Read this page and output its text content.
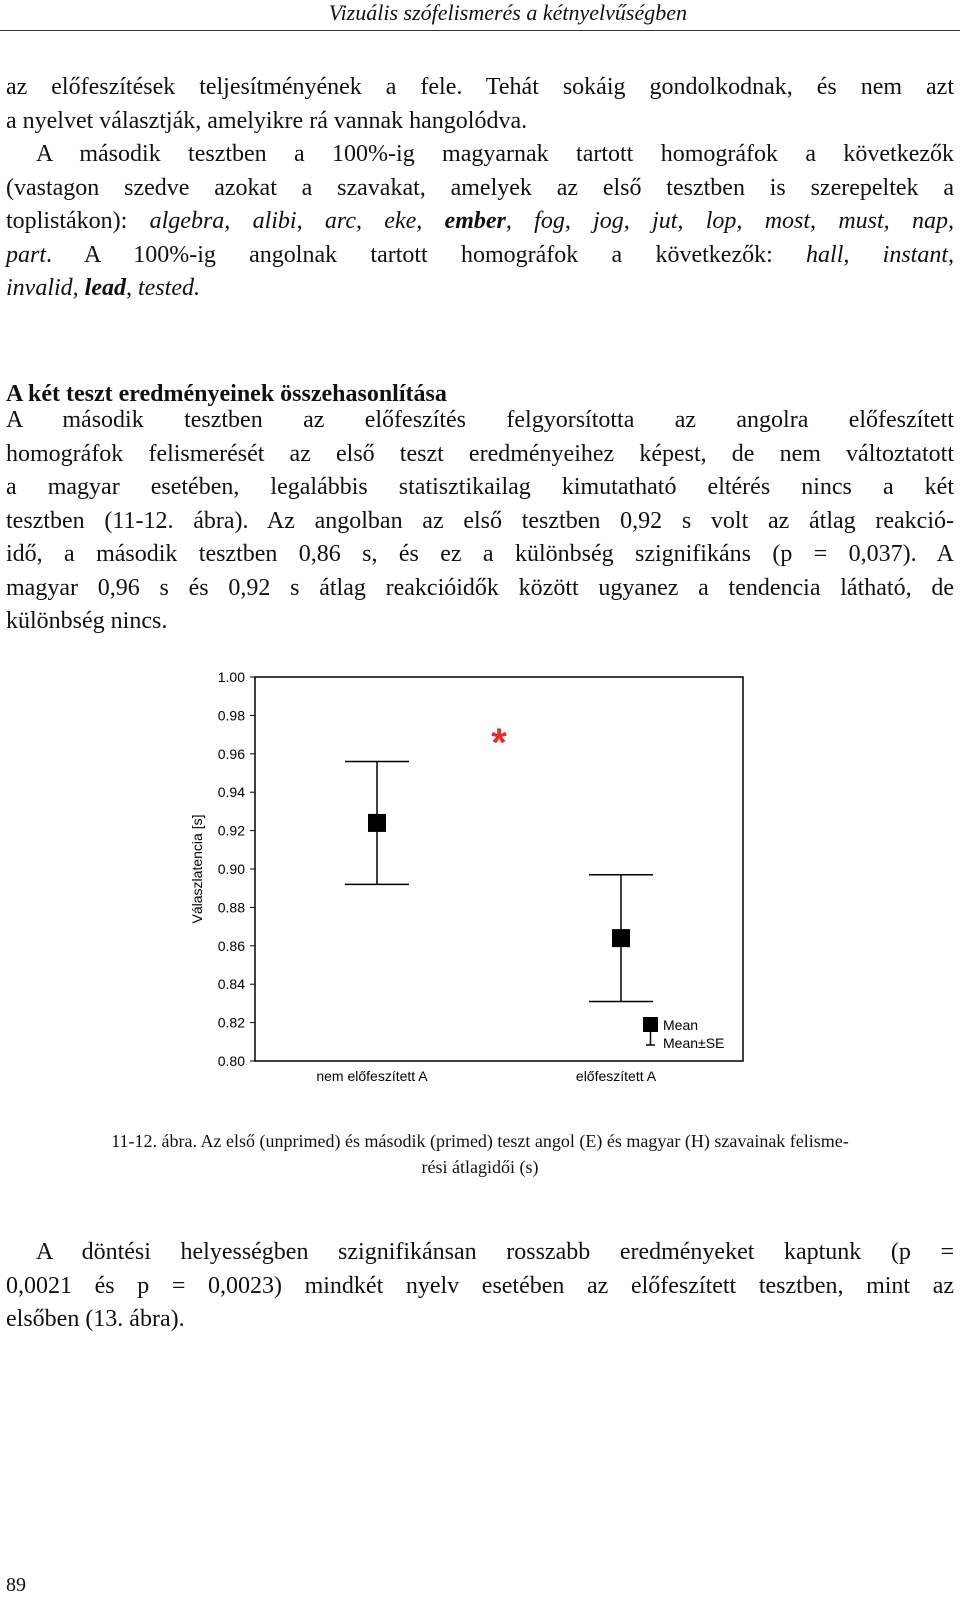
Vizuális szófelismerés a kétnyelvűségben
az előfeszítések teljesítményének a fele. Tehát sokáig gondolkodnak, és nem azt
a nyelvet választják, amelyikre rá vannak hangolódva.
A második tesztben a 100%-ig magyarnak tartott homográfok a következők
(vastagon szedve azokat a szavakat, amelyek az első tesztben is szerepeltek a
toplistákon): algebra, alibi, arc, eke, ember, fog, jog, jut, lop, most, must, nap,
part. A 100%-ig angolnak tartott homográfok a következők: hall, instant,
invalid, lead, tested.
A két teszt eredményeinek összehasonlítása
A második tesztben az előfeszítés felgyorsította az angolra előfeszített
homográfok felismerését az első teszt eredményeihez képest, de nem változtatott
a magyar esetében, legalábbis statisztikailag kimutatható eltérés nincs a két
tesztben (11-12. ábra). Az angolban az első tesztben 0,92 s volt az átlag reakció-
idő, a második tesztben 0,86 s, és ez a különbség szignifikáns (p = 0,037). A
magyar 0,96 s és 0,92 s átlag reakcióidők között ugyanez a tendencia látható, de
különbség nincs.
1.00
0.98
0.96
0.94
0.92
0.90
0.88
0.86
0.84
0.82
0.80
Válaszlatencia [s]
nem előfeszített A	előfeszített A
*
Mean
Mean±SE
11-12. ábra. Az első (unprimed) és második (primed) teszt angol (E) és magyar (H) szavainak felisme-
rési átlagidői (s)
A döntési helyességben szignifikánsan rosszabb eredményeket kaptunk (p =
0,0021 és p = 0,0023) mindkét nyelv esetében az előfeszített tesztben, mint az
elsőben (13. ábra).
89
